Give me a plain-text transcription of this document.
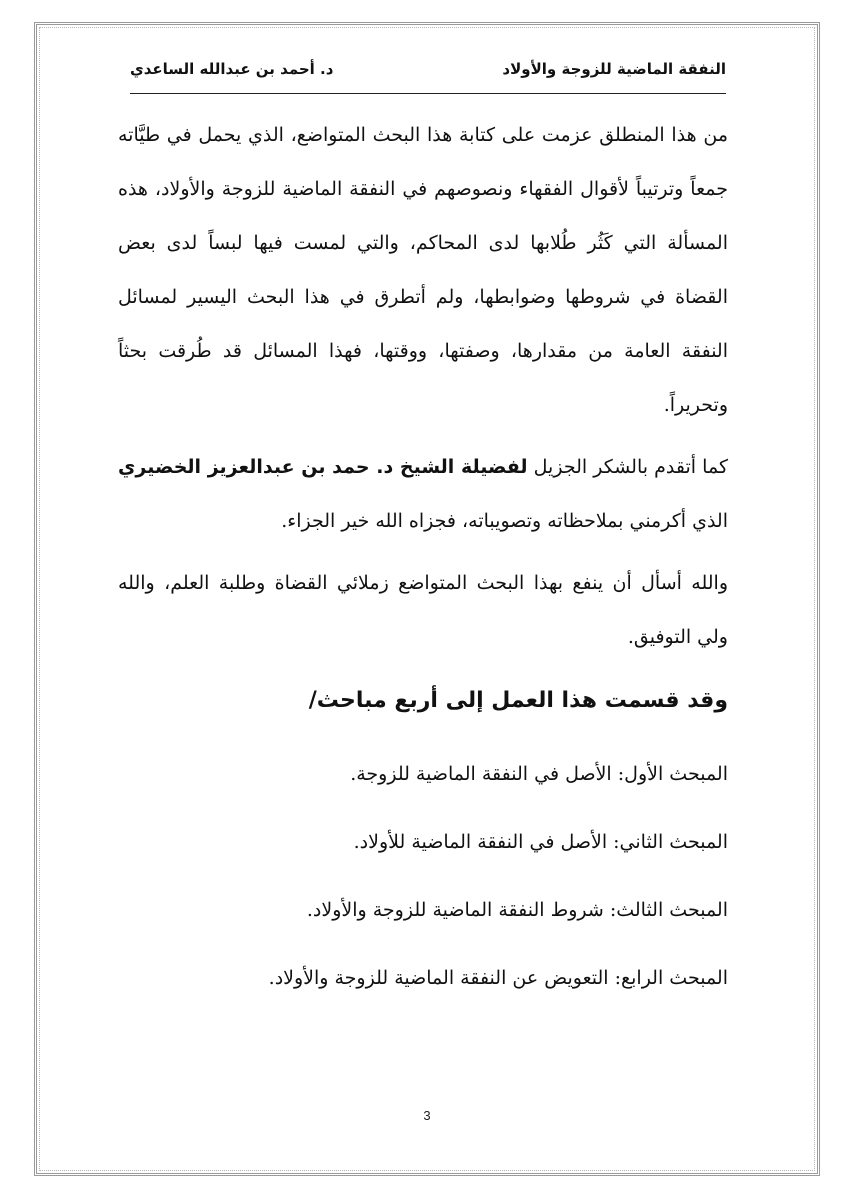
النفقة الماضية للزوجة والأولاد
د. أحمد بن عبدالله الساعدي

من هذا المنطلق عزمت على كتابة هذا البحث المتواضع، الذي يحمل في طيَّاته جمعاً وترتيباً لأقوال الفقهاء ونصوصهم في النفقة الماضية للزوجة والأولاد، هذه المسألة التي كَثُر طُلابها لدى المحاكم، والتي لمست فيها لبساً لدى بعض القضاة في شروطها وضوابطها، ولم أتطرق في هذا البحث اليسير لمسائل النفقة العامة من مقدارها، وصفتها، ووقتها، فهذا المسائل قد طُرقت بحثاً وتحريراً.

كما أتقدم بالشكر الجزيل لفضيلة الشيخ د. حمد بن عبدالعزيز الخضيري الذي أكرمني بملاحظاته وتصويباته، فجزاه الله خير الجزاء.

والله أسأل أن ينفع بهذا البحث المتواضع زملائي القضاة وطلبة العلم، والله ولي التوفيق.

وقد قسمت هذا العمل إلى أربع مباحث/
المبحث الأول: الأصل في النفقة الماضية للزوجة.
المبحث الثاني: الأصل في النفقة الماضية للأولاد.
المبحث الثالث: شروط النفقة الماضية للزوجة والأولاد.
المبحث الرابع: التعويض عن النفقة الماضية للزوجة والأولاد.
3
